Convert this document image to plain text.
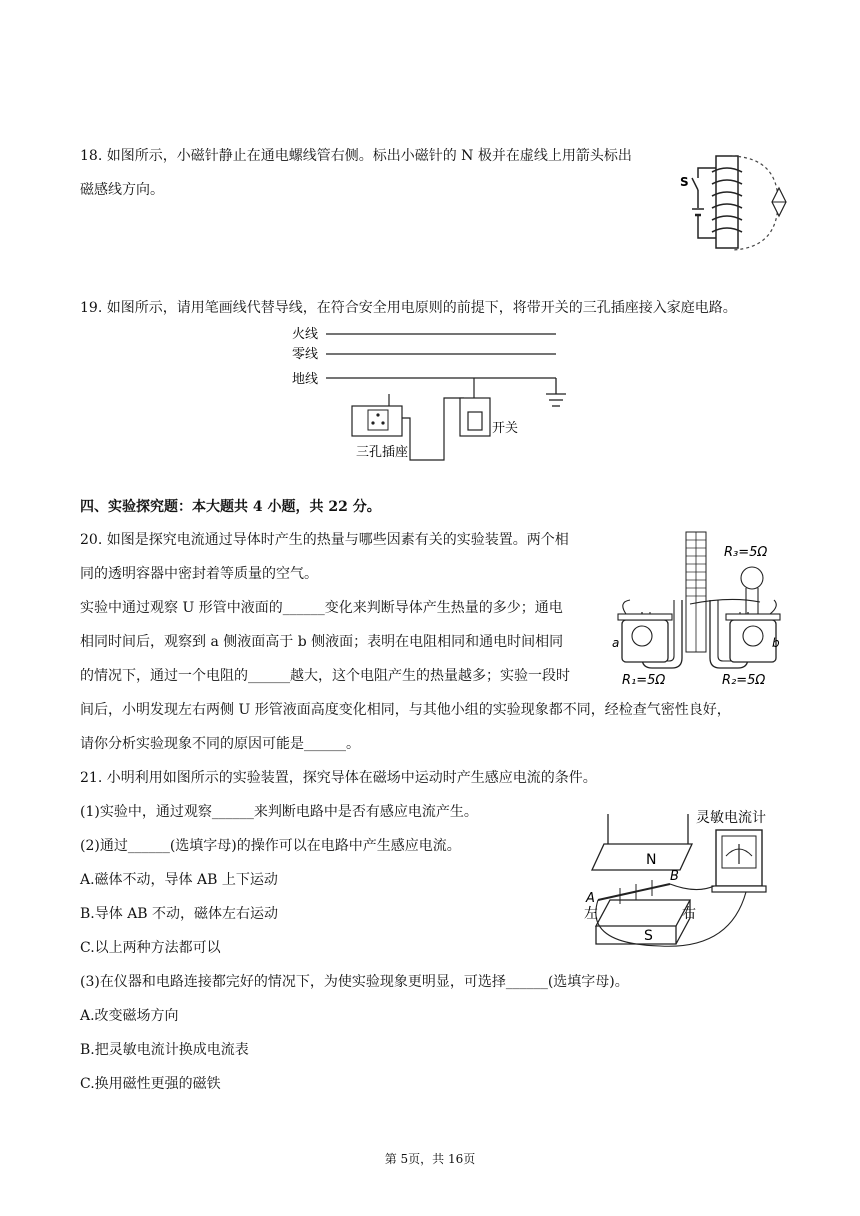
18. 如图所示，小磁针静止在通电螺线管右侧。标出小磁针的 N 极并在虚线上用箭头标出
磁感线方向。	S
19. 如图所示，请用笔画线代替导线，在符合安全用电原则的前提下，将带开关的三孔插座接入家庭电路。
火线
零线
地线
三孔插座
开关
四、实验探究题：本大题共 4 小题，共 22 分。
20. 如图是探究电流通过导体时产生的热量与哪些因素有关的实验装置。两个相
同的透明容器中密封着等质量的空气。
实验中通过观察 U 形管中液面的______变化来判断导体产生热量的多少；通电
相同时间后，观察到 a 侧液面高于 b 侧液面；表明在电阻相同和通电时间相同
的情况下，通过一个电阻的______越大，这个电阻产生的热量越多；实验一段时
间后，小明发现左右两侧 U 形管液面高度变化相同，与其他小组的实验现象都不同，经检查气密性良好，
请你分析实验现象不同的原因可能是______。
a	b
R₃=5Ω
R₁=5Ω	R₂=5Ω
21. 小明利用如图所示的实验装置，探究导体在磁场中运动时产生感应电流的条件。
(1)实验中，通过观察______来判断电路中是否有感应电流产生。
(2)通过______(选填字母)的操作可以在电路中产生感应电流。
A.磁体不动，导体 AB 上下运动
B.导体 AB 不动，磁体左右运动
C.以上两种方法都可以
(3)在仪器和电路连接都完好的情况下，为使实验现象更明显，可选择______(选填字母)。
A.改变磁场方向
B.把灵敏电流计换成电流表
C.换用磁性更强的磁铁
灵敏电流计
N
S
A
B
左	右
第 5页，共 16页
